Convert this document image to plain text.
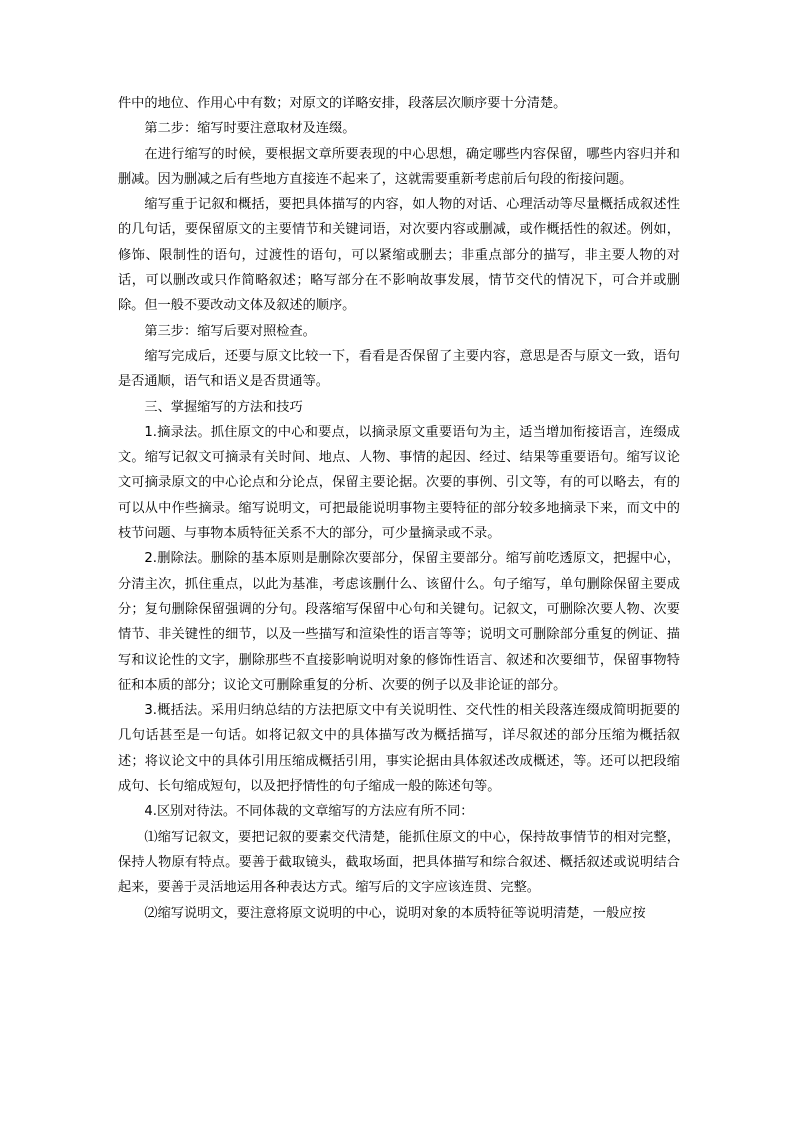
件中的地位、作用心中有数；对原文的详略安排，段落层次顺序要十分清楚。

第二步：缩写时要注意取材及连缀。

在进行缩写的时候，要根据文章所要表现的中心思想，确定哪些内容保留，哪些内容归并和删减。因为删减之后有些地方直接连不起来了，这就需要重新考虑前后句段的衔接问题。

缩写重于记叙和概括，要把具体描写的内容，如人物的对话、心理活动等尽量概括成叙述性的几句话，要保留原文的主要情节和关键词语，对次要内容或删减，或作概括性的叙述。例如，修饰、限制性的语句，过渡性的语句，可以紧缩或删去；非重点部分的描写，非主要人物的对话，可以删改或只作简略叙述；略写部分在不影响故事发展，情节交代的情况下，可合并或删除。但一般不要改动文体及叙述的顺序。

第三步：缩写后要对照检查。

缩写完成后，还要与原文比较一下，看看是否保留了主要内容，意思是否与原文一致，语句是否通顺，语气和语义是否贯通等。

三、掌握缩写的方法和技巧

1.摘录法。抓住原文的中心和要点，以摘录原文重要语句为主，适当增加衔接语言，连缀成文。缩写记叙文可摘录有关时间、地点、人物、事情的起因、经过、结果等重要语句。缩写议论文可摘录原文的中心论点和分论点，保留主要论据。次要的事例、引文等，有的可以略去，有的可以从中作些摘录。缩写说明文，可把最能说明事物主要特征的部分较多地摘录下来，而文中的枝节问题、与事物本质特征关系不大的部分，可少量摘录或不录。

2.删除法。删除的基本原则是删除次要部分，保留主要部分。缩写前吃透原文，把握中心，分清主次，抓住重点，以此为基准，考虑该删什么、该留什么。句子缩写，单句删除保留主要成分；复句删除保留强调的分句。段落缩写保留中心句和关键句。记叙文，可删除次要人物、次要情节、非关键性的细节，以及一些描写和渲染性的语言等等；说明文可删除部分重复的例证、描写和议论性的文字，删除那些不直接影响说明对象的修饰性语言、叙述和次要细节，保留事物特征和本质的部分；议论文可删除重复的分析、次要的例子以及非论证的部分。

3.概括法。采用归纳总结的方法把原文中有关说明性、交代性的相关段落连缀成简明扼要的几句话甚至是一句话。如将记叙文中的具体描写改为概括描写，详尽叙述的部分压缩为概括叙述；将议论文中的具体引用压缩成概括引用，事实论据由具体叙述改成概述，等。还可以把段缩成句、长句缩成短句，以及把抒情性的句子缩成一般的陈述句等。

4.区别对待法。不同体裁的文章缩写的方法应有所不同：

⑴缩写记叙文，要把记叙的要素交代清楚，能抓住原文的中心，保持故事情节的相对完整，保持人物原有特点。要善于截取镜头，截取场面，把具体描写和综合叙述、概括叙述或说明结合起来，要善于灵活地运用各种表达方式。缩写后的文字应该连贯、完整。

⑵缩写说明文，要注意将原文说明的中心，说明对象的本质特征等说明清楚，一般应按
